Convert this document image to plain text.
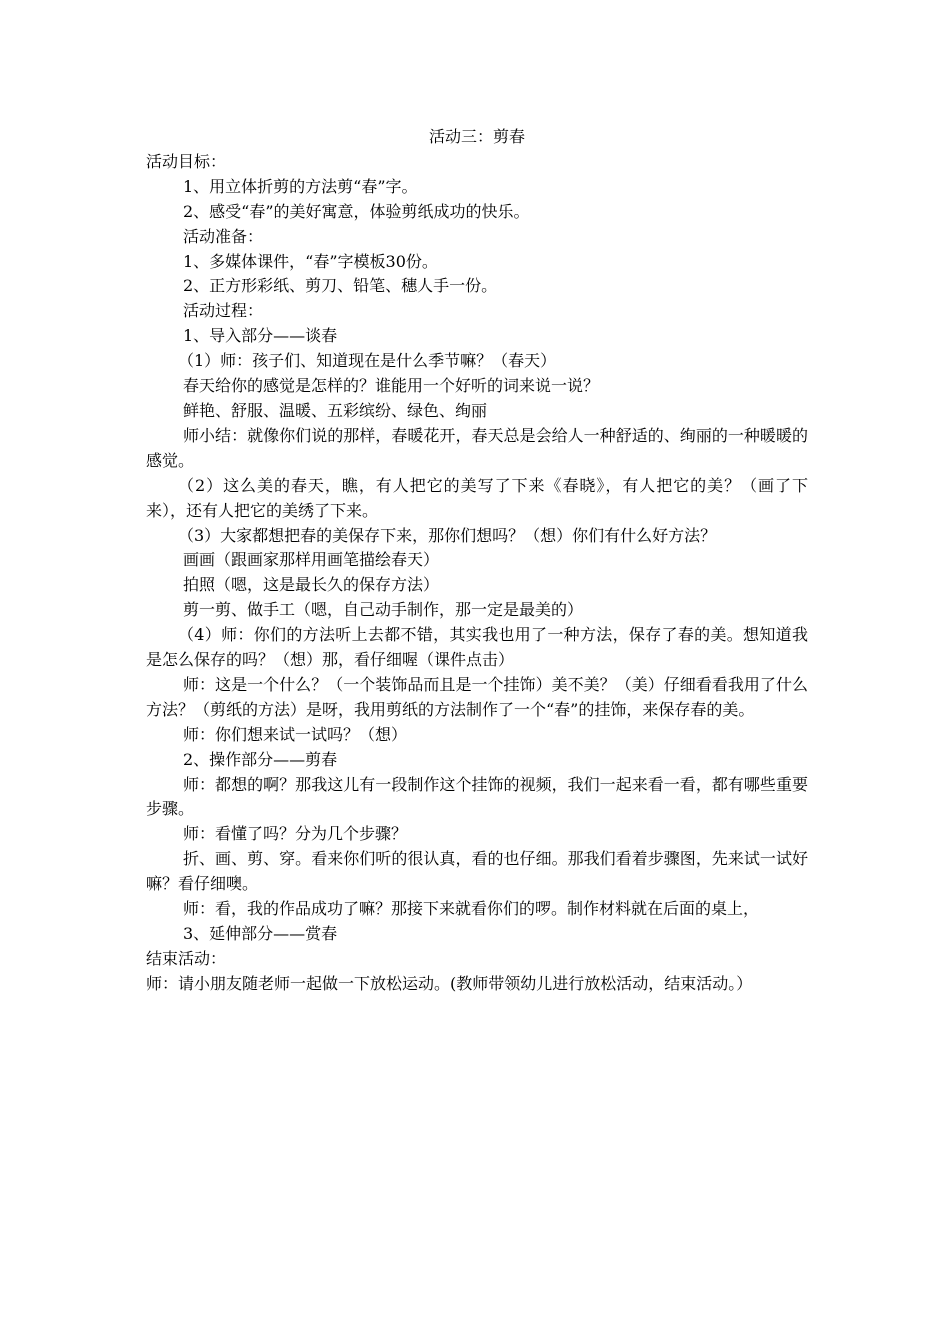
活动三：剪春

活动目标：

1、用立体折剪的方法剪“春”字。

2、感受“春”的美好寓意，体验剪纸成功的快乐。

活动准备：

1、多媒体课件，“春”字模板30份。

2、正方形彩纸、剪刀、铅笔、穗人手一份。

活动过程：

1、导入部分——谈春

（1）师：孩子们、知道现在是什么季节嘛？（春天）

春天给你的感觉是怎样的？谁能用一个好听的词来说一说？

鲜艳、舒服、温暖、五彩缤纷、绿色、绚丽

师小结：就像你们说的那样，春暖花开，春天总是会给人一种舒适的、绚丽的一种暖暖的感觉。

（2）这么美的春天，瞧，有人把它的美写了下来《春晓》，有人把它的美？（画了下来），还有人把它的美绣了下来。

（3）大家都想把春的美保存下来，那你们想吗？（想）你们有什么好方法？

画画（跟画家那样用画笔描绘春天）

拍照（嗯，这是最长久的保存方法）

剪一剪、做手工（嗯，自己动手制作，那一定是最美的）

（4）师：你们的方法听上去都不错，其实我也用了一种方法，保存了春的美。想知道我是怎么保存的吗？（想）那，看仔细喔（课件点击）

师：这是一个什么？（一个装饰品而且是一个挂饰）美不美？（美）仔细看看我用了什么方法？（剪纸的方法）是呀，我用剪纸的方法制作了一个“春”的挂饰，来保存春的美。

师：你们想来试一试吗？（想）

2、操作部分——剪春

师：都想的啊？那我这儿有一段制作这个挂饰的视频，我们一起来看一看，都有哪些重要步骤。

师：看懂了吗？分为几个步骤？

折、画、剪、穿。看来你们听的很认真，看的也仔细。那我们看着步骤图，先来试一试好嘛？看仔细噢。

师：看，我的作品成功了嘛？那接下来就看你们的啰。制作材料就在后面的桌上，

3、延伸部分——赏春

结束活动：

师：请小朋友随老师一起做一下放松运动。(教师带领幼儿进行放松活动，结束活动。）
